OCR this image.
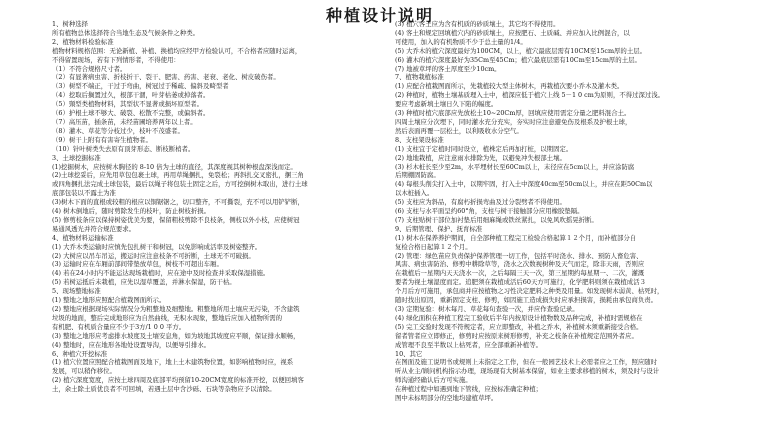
种植设计说明
1、树种选择
所有植物总体选择符合当地生态及气候条件之种类。
2、植物材料检验标准
植物材料规格范围：无论新植、补植、换植均应经甲方检验认可，不合格者应随时运离，
不得留置现场，若有下列情形者，不得使用：
（1）不符合规格尺寸者。
（2）有显著病虫害、折枝折干、裂干、肥害、药害、老衰、老化、树皮破伤者。
（3）树型不端正，干过于弯曲，树冠过于稀疏、偏斜及畸型者
（4）挖取后搁置过久，根部干涸，叶芽枯萎或掉落者。
（5）頸型类植物材料，其型状不显著或损坏原型者。
（6）护根土球不够大、破裂、松散不完整，或偏斜者。
（7）高压苗，插条苗，未经苗圃培养两年以上者。
（8）灌木、草花等分枝过少，枝叶不茂盛者。
（9）树干上附有有害寄生植物者。
（10）针叶树类失去原有顶芽形态、断枝断梢者。
3、土球挖掘标准
(1)挖掘树木，应按树木胸径的 8-10 倍为土球的直径，其深度视其树种根盘深浅而定。
(2)土球挖妥后，应先用草包包裹土球，再用草绳捆扎，免裂松；再斜扎交叉密扎，捆三角
或四角捆扎法完成土球包装，最后以绳子将包装土固定之后，方可挖倒树木取出，进行土球
底部包装以不露土为准
(3)树木下面的直根或较粗的根应以铜锯锯之，切口整齐，不可撕裂，充不可以用铲铲断，
(4) 树木倒地后，随时剪除发生的枝叶，防止树枝折损。
(5) 修剪枝条应以保持树姿优美为要，保留粗枝剪除不良枝条，侧枝以外小枝，应使树冠
易通风透光并符合规范要求。
4、植物材料运输标准
(1) 大乔木类运输时应慎先包扎树干和树冠，以免影响成活率及树姿整齐。
(2) 大树应以吊车吊运，搬运时应注意枝条不可折断，土球无不可破损。
(3) 运输时应在车厢前部间带垫放草包，树枝不可超出车厢。
(4) 若在24小时内不能运达现场栽植时，应在途中及时检查并采取保湿措施。
(5) 若树运抵后未栽植，应先以湿草覆盖，并淋水保湿，防干枯。
5、现场整地标准
(1) 整地之地形应照配合植栽图面所示。
(2) 整地应根据现场实际情况分为粗整地及细整地。粗整地所用土壤应无污染，不含建筑
垃圾的地面，整后完成地形应为自然曲线，无积水现象，整地后应加入植物所需的
有机肥、有机质合量应不少于3方/1 0 0 平方。
(3) 整地之地形应考虑排水坡度及土壤安息角，如为坡地其坡度应平顺，保证排水顺畅，
(4) 整地时，应在地形各地处设置导沟，以便导引排水。
6、种植穴开挖标准
(1) 植穴位置应照配合植栽图面及地下，地上土木建筑物位置，如影响植物时应，视系
发展，可以稍作移位。
(2) 植穴深度宽度，应按土球四周及底部平均预留10-20CM宽度的标准开挖，以便回填客
土，余土除土质优良者不可回填，若遇土层中含沙砾、石块等杂物应予以清除。
(3) 植穴客土应为含有机质的砂质壤土，其它均不得使用。
(4) 客土和规定回填植穴内的砂质壤土，应按肥石、土质碱、并应加入比例混合，以
可使用，加入的有机物质不少于总土量的1/4。
(5) 大乔木的植穴深度最好为100CM，以上，植穴最底层需有10CM至15cm厚的土层。
(6) 灌木的植穴深度最好为35Cm至45Cm；植穴最底层需有10Cm至15cm厚的土层。
(7) 地被草坪的客土厚度至少10cm。
7、植物栽植标准
(1) 应配合植栽图面所示，先栽植较大型主体树木，再栽植次要小乔木及灌木类。
(2) 种植时，植物土壤基质理入土中，植深应低于植穴上线 5－1 0 cm为原则，不得过深过浅。
要应考虑新填土壤日久下陷的幅度。
(3) 种植时植穴底部应先放松土10~20Cm厚，回填应使用需定分量之肥料混合土。
四周土壤应分次埋下，同时灌水充分充实，夯实时应注意避免伤及根系及护根土球，
然后表面再覆一层松土，以利吸收水分空气。
8、支柱架设标准
(1) 支柱宜于定植时同时设立，植株定后再加打桩，以期固定。
(2) 地地栽植，应注意雨水排除为先，以避免冲失根部土壤。
(3) 杉木桩长至少至2m，水平埋材长至60Cm以上，末径应在5cm以上，并应涂防腐
后期棚固防腐。
(4) 每根头削尖打入土中，以期牢固，打入土中深度40cm至50cm以上，并应在距50Cm以
以木桩插入。
(5) 支柱应为斜品，有腐朽折损弯曲及过分裂劈者不得使用。
(6) 支柱与水平面呈约60°角，支柱与树干接触部分应用橡胶垫隔。
(7) 支柱贴树干部位加衬垫后用细麻绳或铁丝紧扎，以免风吹摇晃折断。
9、后期管理、保护、抚育标准
(1) 树木在保养养护期间，自全部种植工程完工检验合格起算１２个月，而补植部分自
复检合格日起算１２个月。
(2) 管理：绿色苗应负责保护保养管理一切工作，包括平时浇水、排水、预防人畜危害、
风害、病虫害防治、修剪中耕除草等，浇水之次数视树种及天气而定，除非天雨，否则应
在栽植后一星期内天天浇水一次，之后每隔三天一次，第三星期约每星期一、二次，灌溉
要者为视土壤湿度而定。追肥须在栽植成活后60天方可施行，化学肥料则须在栽植成活３
个月后方可施用，承包商并应按植物之习性决定肥料之种类及用量。如发现树木弱黄、枯死时，
随时找出原因，重新固定支柱、修剪，如因施工造成损失时应承担损害，损耗由承包商负责。
(3) 定期复验：树木每月、草花每旬查验一次，并应作查验记录。
(4) 绿化面积在种植工程完工验收后半年内按原设计植物数及品种完成，补植时需规格在
(5) 完工交验时发现不符规定者，应立即整改，补植之乔木，补植树木须重新接受合格。
留者管者应立即修正，修剪时应按原来树形修剪，补充之枝条在补植规定范围外者应。
成管理不良至半数以上枯死者，应全部重新补植等。
10、其它
在图面及施工说明书或规则上未指定之工作，但在一般园艺技术上必需者应之工作，照应随时
听从业主/顾问机构指示办理，现场现有大树基本保留，如业主要求移植的树木，须及时与设计
师沟通经确认后方可实施。
在种植过程中如遇到地下管线，应按标准确定种植；
图中未标明部分的空地均建植草坪。
